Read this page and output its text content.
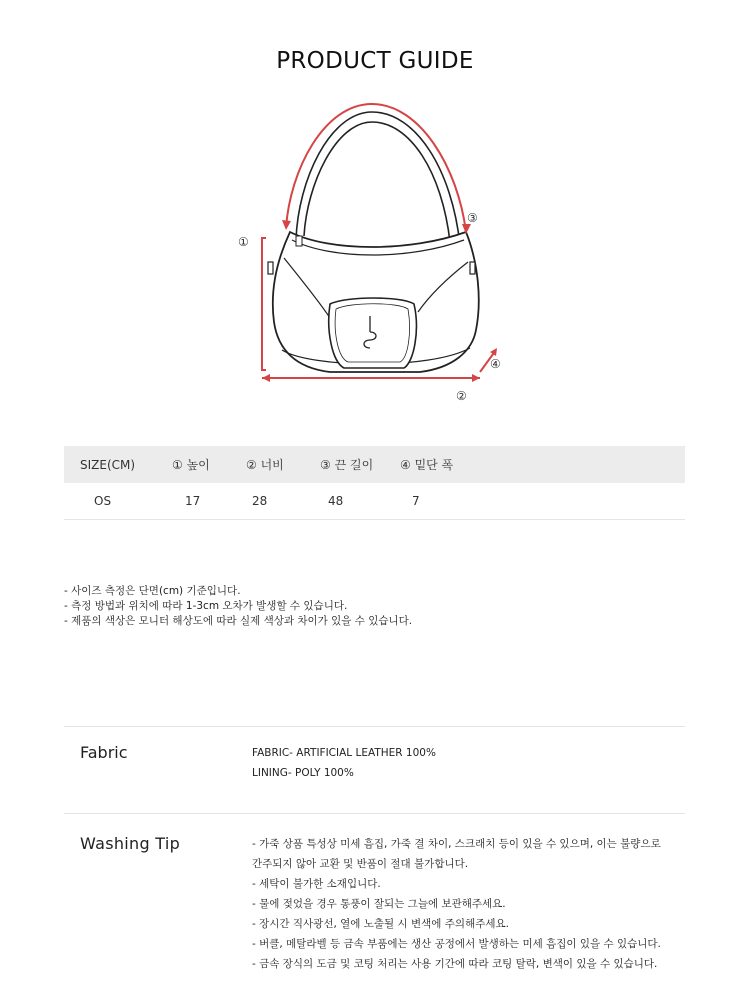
PRODUCT GUIDE
①
②
③
④
SIZE(CM)	① 높이	② 너비	③ 끈 길이	④ 밑단 폭
OS	17	28	48	7
- 사이즈 측정은 단면(cm) 기준입니다.
- 측정 방법과 위치에 따라 1-3cm 오차가 발생할 수 있습니다.
- 제품의 색상은 모니터 해상도에 따라 실제 색상과 차이가 있을 수 있습니다.
Fabric	FABRIC- ARTIFICIAL LEATHER 100%
LINING- POLY 100%
Washing Tip	- 가죽 상품 특성상 미세 흠집, 가죽 결 차이, 스크래치 등이 있을 수 있으며, 이는 불량으로
간주되지 않아 교환 및 반품이 절대 불가합니다.
- 세탁이 불가한 소재입니다.
- 물에 젖었을 경우 통풍이 잘되는 그늘에 보관해주세요.
- 장시간 직사광선, 열에 노출될 시 변색에 주의해주세요.
- 버클, 메탈라벨 등 금속 부품에는 생산 공정에서 발생하는 미세 흠집이 있을 수 있습니다.
- 금속 장식의 도금 및 코팅 처리는 사용 기간에 따라 코팅 탈락, 변색이 있을 수 있습니다.
